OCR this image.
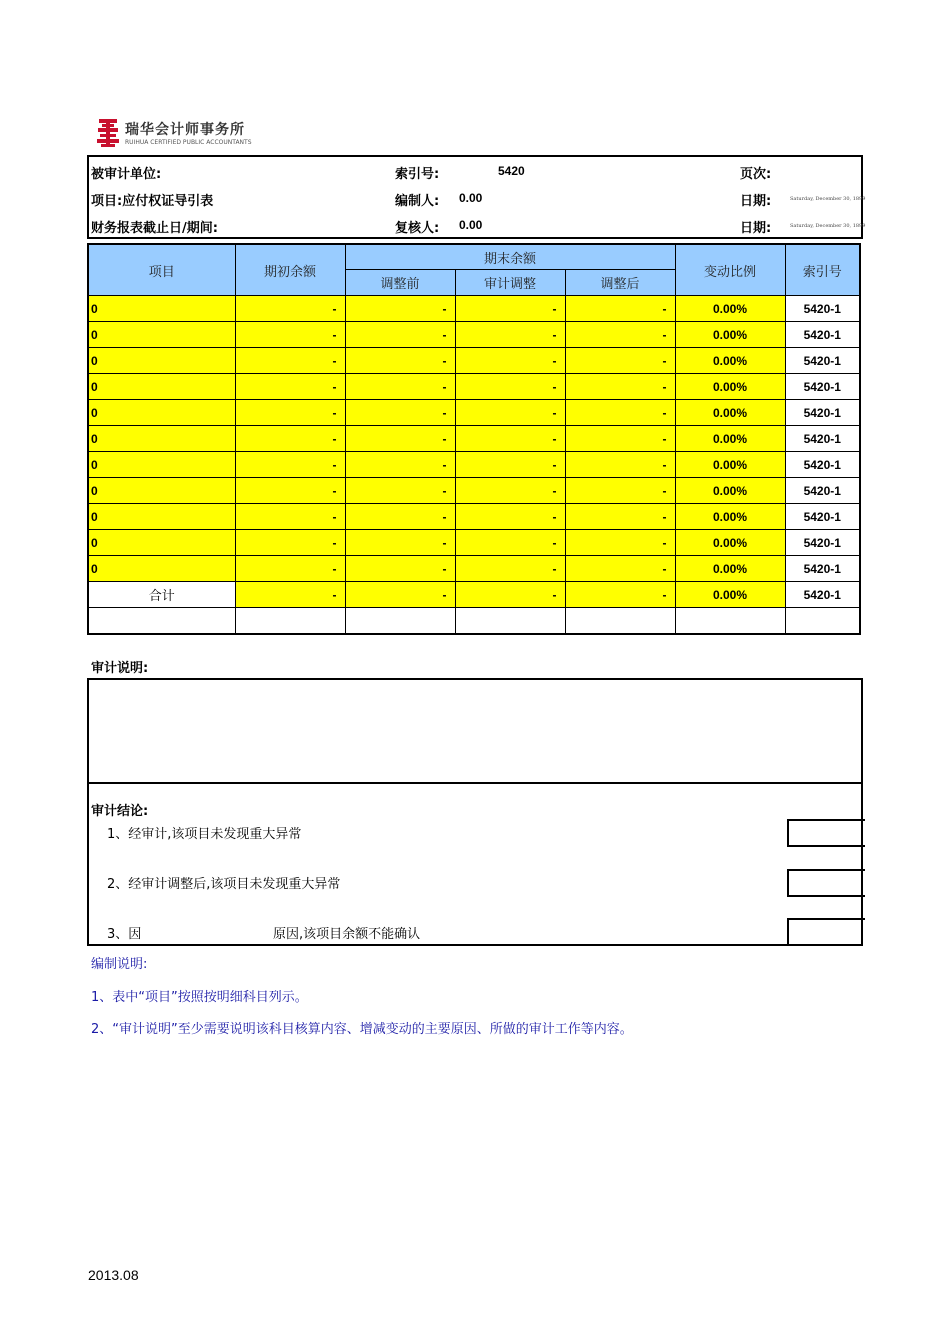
瑞华会计师事务所
RUIHUA CERTIFIED PUBLIC ACCOUNTANTS
被审计单位:	索引号:	5420	页次:
项目:应付权证导引表	编制人: 0.00	日期:	Saturday, December 30, 1899
财务报表截止日/期间:	复核人: 0.00	日期:	Saturday, December 30, 1899
项目	期初余额	期末余额			变动比例	索引号
		调整前	审计调整	调整后		
0	-	-	-	-	0.00%	5420-1
0	-	-	-	-	0.00%	5420-1
0	-	-	-	-	0.00%	5420-1
0	-	-	-	-	0.00%	5420-1
0	-	-	-	-	0.00%	5420-1
0	-	-	-	-	0.00%	5420-1
0	-	-	-	-	0.00%	5420-1
0	-	-	-	-	0.00%	5420-1
0	-	-	-	-	0.00%	5420-1
0	-	-	-	-	0.00%	5420-1
0	-	-	-	-	0.00%	5420-1
合计	-	-	-	-	0.00%	5420-1

审计说明:
审计结论:
1、经审计,该项目未发现重大异常
2、经审计调整后,该项目未发现重大异常
3、因	原因,该项目余额不能确认
编制说明:
1、表中“项目”按照按明细科目列示。
2、“审计说明”至少需要说明该科目核算内容、增减变动的主要原因、所做的审计工作等内容。
2013.08
